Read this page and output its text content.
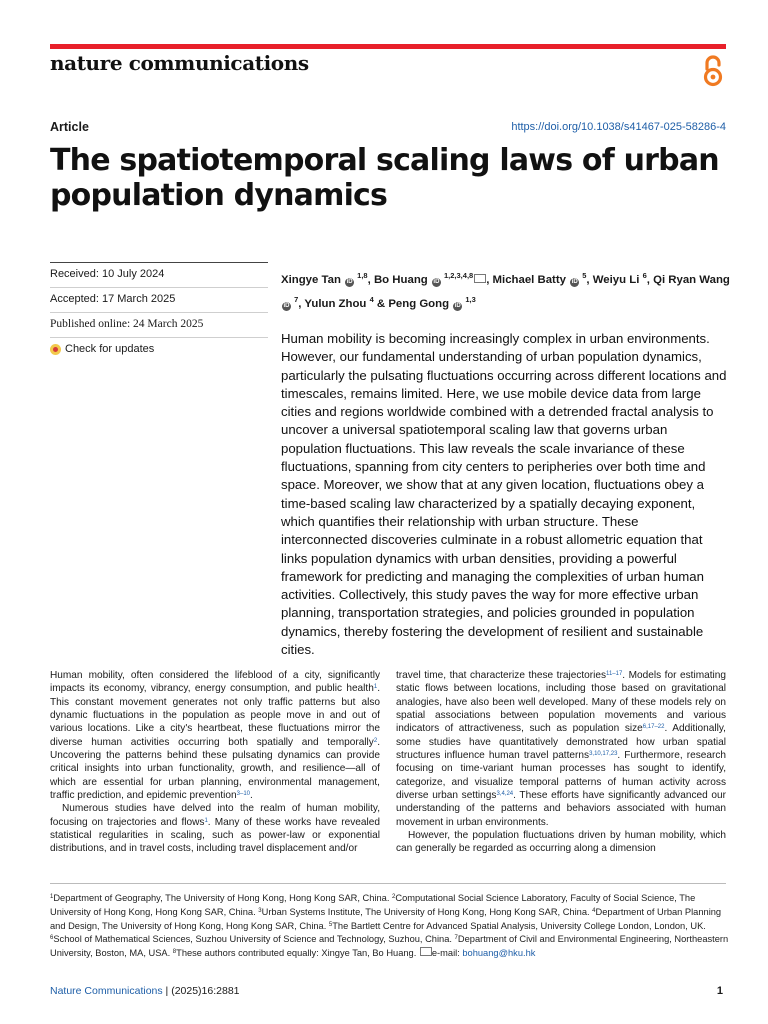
nature communications
Article	https://doi.org/10.1038/s41467-025-58286-4
The spatiotemporal scaling laws of urban population dynamics
Received: 10 July 2024
Accepted: 17 March 2025
Published online: 24 March 2025
Check for updates
Xingye Tan iD $^{1,8}$, Bo Huang iD $^{1,2,3,4,8}$ , Michael Batty iD $^5$, Weiyu Li $^6$, Qi Ryan Wang iD $^7$, Yulun Zhou $^4$ & Peng Gong iD $^{1,3}$

Human mobility is becoming increasingly complex in urban environments. However, our fundamental understanding of urban population dynamics, particularly the pulsating fluctuations occurring across different locations and timescales, remains limited. Here, we use mobile device data from large cities and regions worldwide combined with a detrended fractal analysis to uncover a universal spatiotemporal scaling law that governs urban population fluctuations. This law reveals the scale invariance of these fluctuations, spanning from city centers to peripheries over both time and space. Moreover, we show that at any given location, fluctuations obey a time-based scaling law characterized by a spatially decaying exponent, which quantifies their relationship with urban structure. These interconnected discoveries culminate in a robust allometric equation that links population dynamics with urban densities, providing a powerful framework for predicting and managing the complexities of urban human activities. Collectively, this study paves the way for more effective urban planning, transportation strategies, and policies grounded in population dynamics, thereby fostering the development of resilient and sustainable cities.

Human mobility, often considered the lifeblood of a city, significantly impacts its economy, vibrancy, energy consumption, and public health$^1$. This constant movement generates not only traffic patterns but also dynamic fluctuations in the population as people move in and out of various locations. Like a city's heartbeat, these fluctuations mirror the diverse human activities occurring both spatially and temporally$^2$. Uncovering the patterns behind these pulsating dynamics can provide critical insights into urban functionality, growth, and resilience—all of which are essential for urban planning, environmental management, traffic prediction, and epidemic prevention$^{3-10}$.

Numerous studies have delved into the realm of human mobility, focusing on trajectories and flows$^1$. Many of these works have revealed statistical regularities in scaling, such as power-law or exponential distributions, and in travel costs, including travel displacement and/or

travel time, that characterize these trajectories$^{11-17}$. Models for estimating static flows between locations, including those based on gravitational analogies, have also been well developed. Many of these models rely on spatial associations between population movements and various indicators of attractiveness, such as population size$^{6,17-22}$. Additionally, some studies have quantitatively demonstrated how urban spatial structures influence human travel patterns$^{3,10,17,23}$. Furthermore, research focusing on time-variant human processes has sought to identify, categorize, and visualize temporal patterns of human activity across diverse urban settings$^{3,4,24}$. These efforts have significantly advanced our understanding of the patterns and behaviors associated with human movement in urban environments.

However, the population fluctuations driven by human mobility, which can generally be regarded as occurring along a dimension

$^1$Department of Geography, The University of Hong Kong, Hong Kong SAR, China. $^2$Computational Social Science Laboratory, Faculty of Social Science, The University of Hong Kong, Hong Kong SAR, China. $^3$Urban Systems Institute, The University of Hong Kong, Hong Kong SAR, China. $^4$Department of Urban Planning and Design, The University of Hong Kong, Hong Kong SAR, China. $^5$The Bartlett Centre for Advanced Spatial Analysis, University College London, London, UK. $^6$School of Mathematical Sciences, Suzhou University of Science and Technology, Suzhou, China. $^7$Department of Civil and Environmental Engineering, Northeastern University, Boston, MA, USA. $^8$These authors contributed equally: Xingye Tan, Bo Huang. e-mail: bohuang@hku.hk
Nature Communications | (2025)16:2881	1
